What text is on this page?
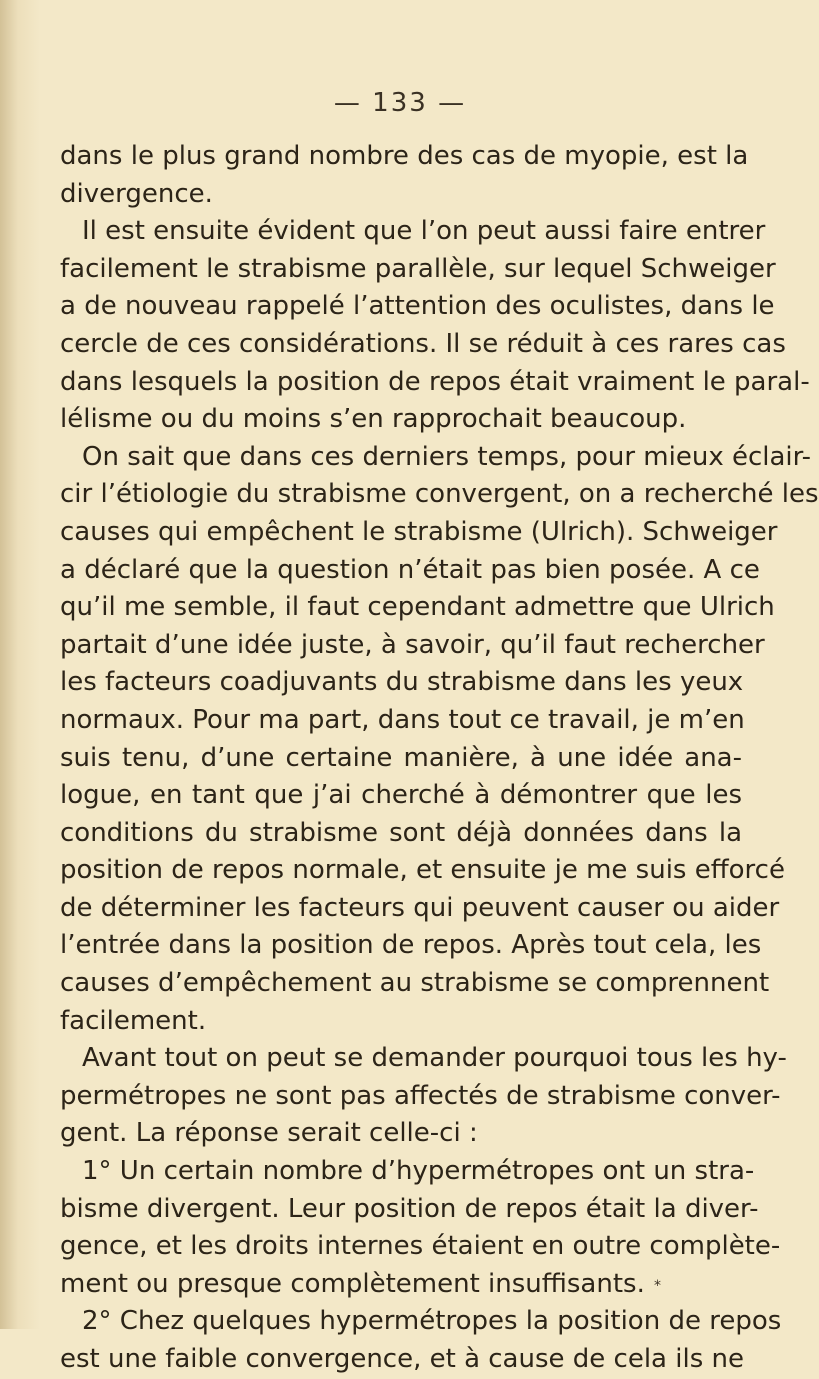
— 133 —
dans le plus grand nombre des cas de myopie, est la
divergence.
Il est ensuite évident que l’on peut aussi faire entrer
facilement le strabisme parallèle, sur lequel Schweiger
a de nouveau rappelé l’attention des oculistes, dans le
cercle de ces considérations. Il se réduit à ces rares cas
dans lesquels la position de repos était vraiment le paral-
lélisme ou du moins s’en rapprochait beaucoup.
On sait que dans ces derniers temps, pour mieux éclair-
cir l’étiologie du strabisme convergent, on a recherché les
causes qui empêchent le strabisme (Ulrich). Schweiger
a déclaré que la question n’était pas bien posée. A ce
qu’il me semble, il faut cependant admettre que Ulrich
partait d’une idée juste, à savoir, qu’il faut rechercher
les facteurs coadjuvants du strabisme dans les yeux
normaux. Pour ma part, dans tout ce travail, je m’en
suis tenu, d’une certaine manière, à une idée ana-
logue, en tant que j’ai cherché à démontrer que les
conditions du strabisme sont déjà données dans la
position de repos normale, et ensuite je me suis efforcé
de déterminer les facteurs qui peuvent causer ou aider
l’entrée dans la position de repos. Après tout cela, les
causes d’empêchement au strabisme se comprennent
facilement.
Avant tout on peut se demander pourquoi tous les hy-
permétropes ne sont pas affectés de strabisme conver-
gent. La réponse serait celle-ci :
1° Un certain nombre d’hypermétropes ont un stra-
bisme divergent. Leur position de repos était la diver-
gence, et les droits internes étaient en outre complète-
ment ou presque complètement insuffisants.
2° Chez quelques hypermétropes la position de repos
est une faible convergence, et à cause de cela ils ne
*
